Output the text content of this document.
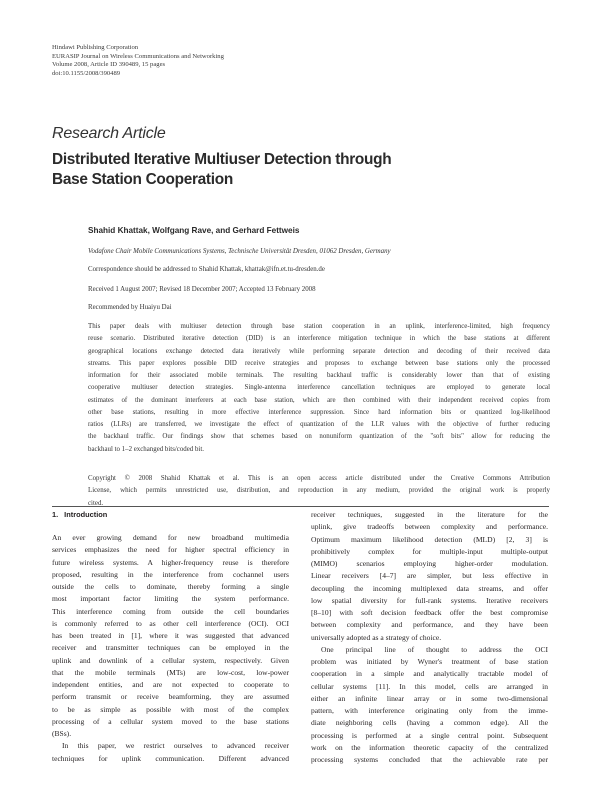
Hindawi Publishing Corporation
EURASIP Journal on Wireless Communications and Networking
Volume 2008, Article ID 390489, 15 pages
doi:10.1155/2008/390489
Research Article
Distributed Iterative Multiuser Detection through
Base Station Cooperation
Shahid Khattak, Wolfgang Rave, and Gerhard Fettweis
Vodafone Chair Mobile Communications Systems, Technische Universität Dresden, 01062 Dresden, Germany
Correspondence should be addressed to Shahid Khattak, khattak@ifn.et.tu-dresden.de
Received 1 August 2007; Revised 18 December 2007; Accepted 13 February 2008
Recommended by Huaiyu Dai
This paper deals with multiuser detection through base station cooperation in an uplink, interference-limited, high frequency
reuse scenario. Distributed iterative detection (DID) is an interference mitigation technique in which the base stations at different
geographical locations exchange detected data iteratively while performing separate detection and decoding of their received data
streams. This paper explores possible DID receive strategies and proposes to exchange between base stations only the processed
information for their associated mobile terminals. The resulting backhaul traffic is considerably lower than that of existing
cooperative multiuser detection strategies. Single-antenna interference cancellation techniques are employed to generate local
estimates of the dominant interferers at each base station, which are then combined with their independent received copies from
other base stations, resulting in more effective interference suppression. Since hard information bits or quantized log-likelihood
ratios (LLRs) are transferred, we investigate the effect of quantization of the LLR values with the objective of further reducing
the backhaul traffic. Our findings show that schemes based on nonuniform quantization of the "soft bits" allow for reducing the
backhaul to 1–2 exchanged bits/coded bit.
Copyright © 2008 Shahid Khattak et al. This is an open access article distributed under the Creative Commons Attribution
License, which permits unrestricted use, distribution, and reproduction in any medium, provided the original work is properly
cited.
1. Introduction
An ever growing demand for new broadband multimedia
services emphasizes the need for higher spectral efficiency in
future wireless systems. A higher-frequency reuse is therefore
proposed, resulting in the interference from cochannel users
outside the cells to dominate, thereby forming a single
most important factor limiting the system performance.
This interference coming from outside the cell boundaries
is commonly referred to as other cell interference (OCI). OCI
has been treated in [1], where it was suggested that advanced
receiver and transmitter techniques can be employed in the
uplink and downlink of a cellular system, respectively. Given
that the mobile terminals (MTs) are low-cost, low-power
independent entities, and are not expected to cooperate to
perform transmit or receive beamforming, they are assumed
to be as simple as possible with most of the complex
processing of a cellular system moved to the base stations
(BSs).
In this paper, we restrict ourselves to advanced receiver
techniques for uplink communication. Different advanced
receiver techniques, suggested in the literature for the
uplink, give tradeoffs between complexity and performance.
Optimum maximum likelihood detection (MLD) [2, 3] is
prohibitively complex for multiple-input multiple-output
(MIMO) scenarios employing higher-order modulation.
Linear receivers [4–7] are simpler, but less effective in
decoupling the incoming multiplexed data streams, and offer
low spatial diversity for full-rank systems. Iterative receivers
[8–10] with soft decision feedback offer the best compromise
between complexity and performance, and they have been
universally adopted as a strategy of choice.
One principal line of thought to address the OCI
problem was initiated by Wyner's treatment of base station
cooperation in a simple and analytically tractable model of
cellular systems [11]. In this model, cells are arranged in
either an infinite linear array or in some two-dimensional
pattern, with interference originating only from the imme-
diate neighboring cells (having a common edge). All the
processing is performed at a single central point. Subsequent
work on the information theoretic capacity of the centralized
processing systems concluded that the achievable rate per
